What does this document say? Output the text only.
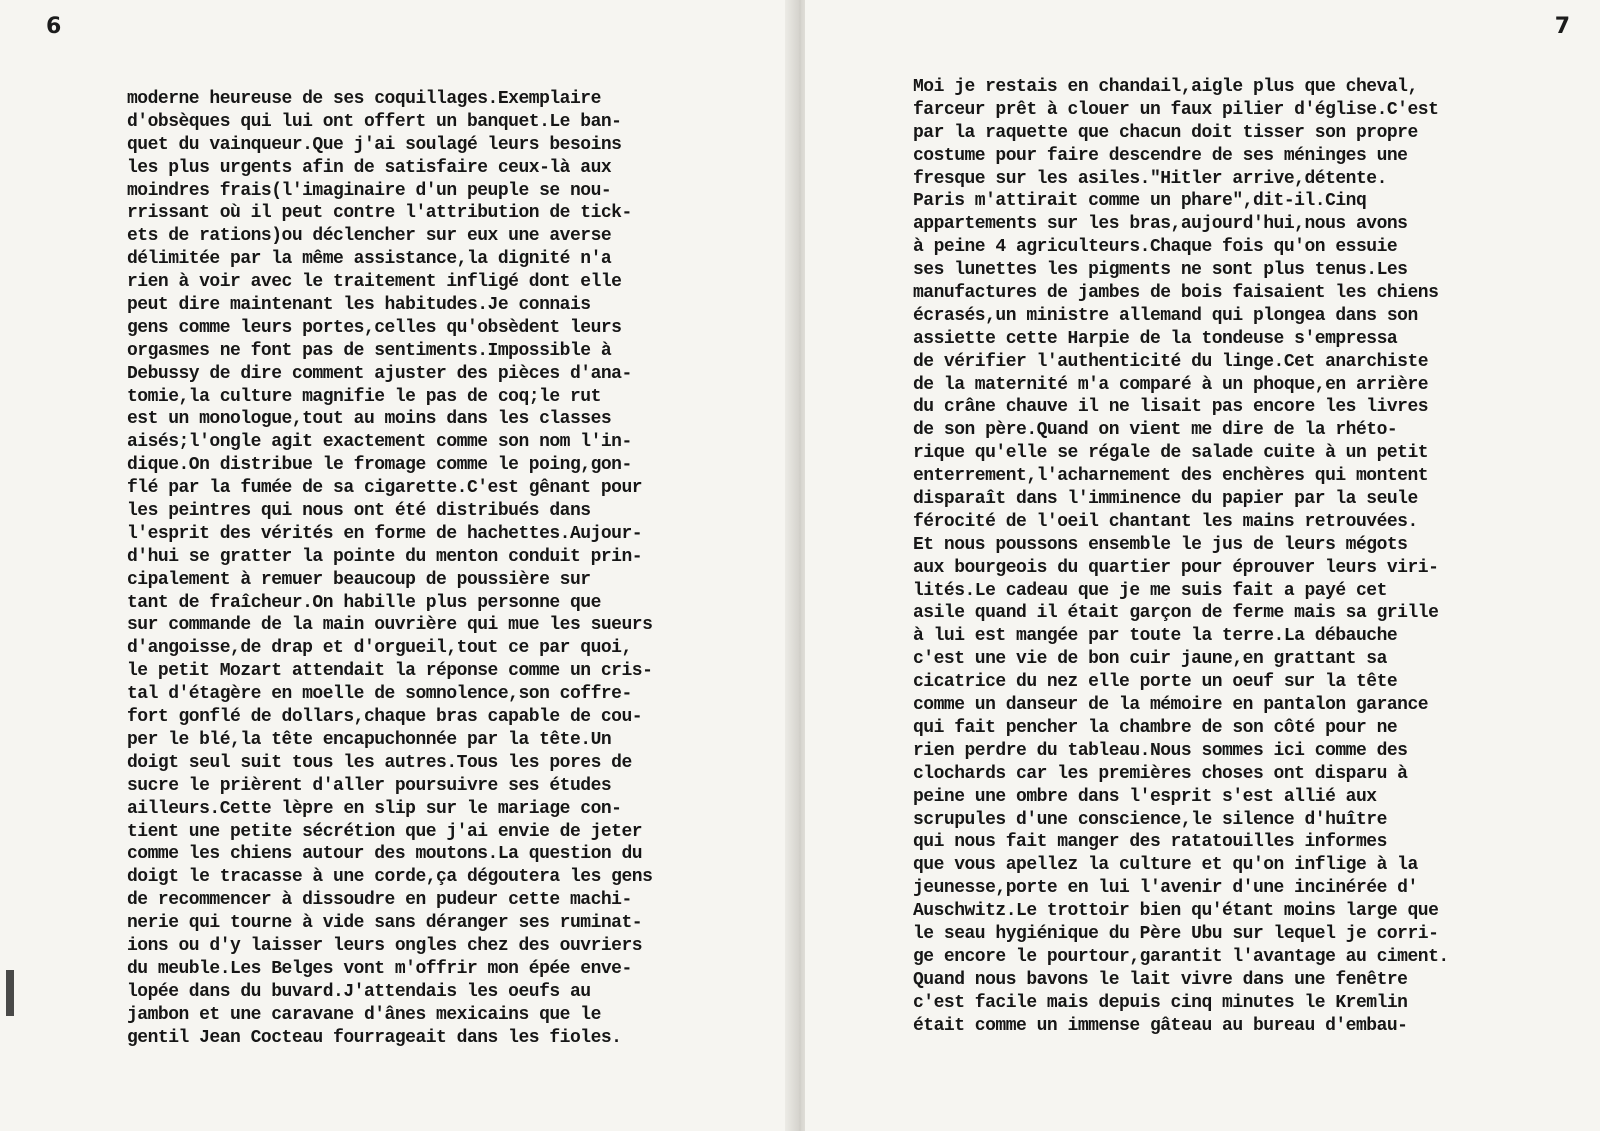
6
moderne heureuse de ses coquillages.Exemplaire
d'obsèques qui lui ont offert un banquet.Le ban-
quet du vainqueur.Que j'ai soulagé leurs besoins
les plus urgents afin de satisfaire ceux-là aux
moindres frais(l'imaginaire d'un peuple se nou-
rrissant où il peut contre l'attribution de tick-
ets de rations)ou déclencher sur eux une averse
délimitée par la même assistance,la dignité n'a
rien à voir avec le traitement infligé dont elle
peut dire maintenant les habitudes.Je connais
gens comme leurs portes,celles qu'obsèdent leurs
orgasmes ne font pas de sentiments.Impossible à
Debussy de dire comment ajuster des pièces d'ana-
tomie,la culture magnifie le pas de coq;le rut
est un monologue,tout au moins dans les classes
aisés;l'ongle agit exactement comme son nom l'in-
dique.On distribue le fromage comme le poing,gon-
flé par la fumée de sa cigarette.C'est gênant pour
les peintres qui nous ont été distribués dans
l'esprit des vérités en forme de hachettes.Aujour-
d'hui se gratter la pointe du menton conduit prin-
cipalement à remuer beaucoup de poussière sur
tant de fraîcheur.On habille plus personne que
sur commande de la main ouvrière qui mue les sueurs
d'angoisse,de drap et d'orgueil,tout ce par quoi,
le petit Mozart attendait la réponse comme un cris-
tal d'étagère en moelle de somnolence,son coffre-
fort gonflé de dollars,chaque bras capable de cou-
per le blé,la tête encapuchonnée par la tête.Un
doigt seul suit tous les autres.Tous les pores de
sucre le prièrent d'aller poursuivre ses études
ailleurs.Cette lèpre en slip sur le mariage con-
tient une petite sécrétion que j'ai envie de jeter
comme les chiens autour des moutons.La question du
doigt le tracasse à une corde,ça dégoutera les gens
de recommencer à dissoudre en pudeur cette machi-
nerie qui tourne à vide sans déranger ses ruminat-
ions ou d'y laisser leurs ongles chez des ouvriers
du meuble.Les Belges vont m'offrir mon épée enve-
lopée dans du buvard.J'attendais les oeufs au
jambon et une caravane d'ânes mexicains que le
gentil Jean Cocteau fourrageait dans les fioles.
7
Moi je restais en chandail,aigle plus que cheval,
farceur prêt à clouer un faux pilier d'église.C'est
par la raquette que chacun doit tisser son propre
costume pour faire descendre de ses méninges une
fresque sur les asiles."Hitler arrive,détente.
Paris m'attirait comme un phare",dit-il.Cinq
appartements sur les bras,aujourd'hui,nous avons
à peine 4 agriculteurs.Chaque fois qu'on essuie
ses lunettes les pigments ne sont plus tenus.Les
manufactures de jambes de bois faisaient les chiens
écrasés,un ministre allemand qui plongea dans son
assiette cette Harpie de la tondeuse s'empressa
de vérifier l'authenticité du linge.Cet anarchiste
de la maternité m'a comparé à un phoque,en arrière
du crâne chauve il ne lisait pas encore les livres
de son père.Quand on vient me dire de la rhéto-
rique qu'elle se régale de salade cuite à un petit
enterrement,l'acharnement des enchères qui montent
disparaît dans l'imminence du papier par la seule
férocité de l'oeil chantant les mains retrouvées.
Et nous poussons ensemble le jus de leurs mégots
aux bourgeois du quartier pour éprouver leurs viri-
lités.Le cadeau que je me suis fait a payé cet
asile quand il était garçon de ferme mais sa grille
à lui est mangée par toute la terre.La débauche
c'est une vie de bon cuir jaune,en grattant sa
cicatrice du nez elle porte un oeuf sur la tête
comme un danseur de la mémoire en pantalon garance
qui fait pencher la chambre de son côté pour ne
rien perdre du tableau.Nous sommes ici comme des
clochards car les premières choses ont disparu à
peine une ombre dans l'esprit s'est allié aux
scrupules d'une conscience,le silence d'huître
qui nous fait manger des ratatouilles informes
que vous apellez la culture et qu'on inflige à la
jeunesse,porte en lui l'avenir d'une incinérée d'
Auschwitz.Le trottoir bien qu'étant moins large que
le seau hygiénique du Père Ubu sur lequel je corri-
ge encore le pourtour,garantit l'avantage au ciment.
Quand nous bavons le lait vivre dans une fenêtre
c'est facile mais depuis cinq minutes le Kremlin
était comme un immense gâteau au bureau d'embau-
